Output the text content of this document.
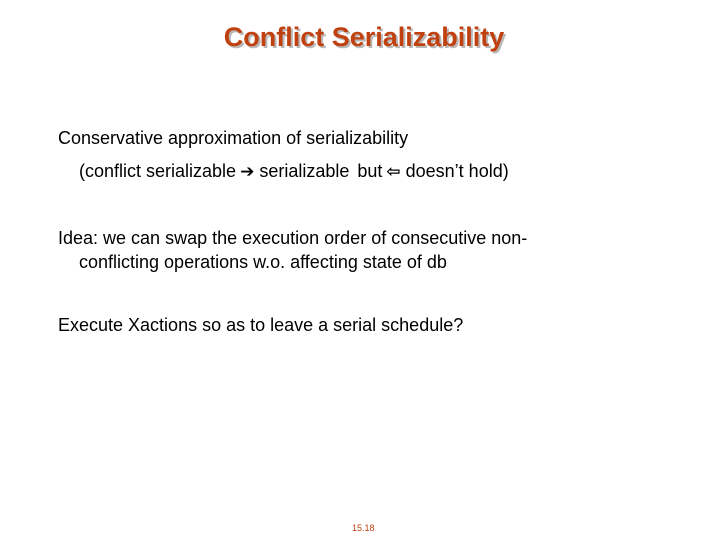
Conflict Serializability
Conservative approximation of serializability
(conflict serializable ➔ serializable but ⇦ doesn’t hold)
Idea: we can swap the execution order of consecutive non-
conflicting operations w.o. affecting state of db
Execute Xactions so as to leave a serial schedule?
15.18
